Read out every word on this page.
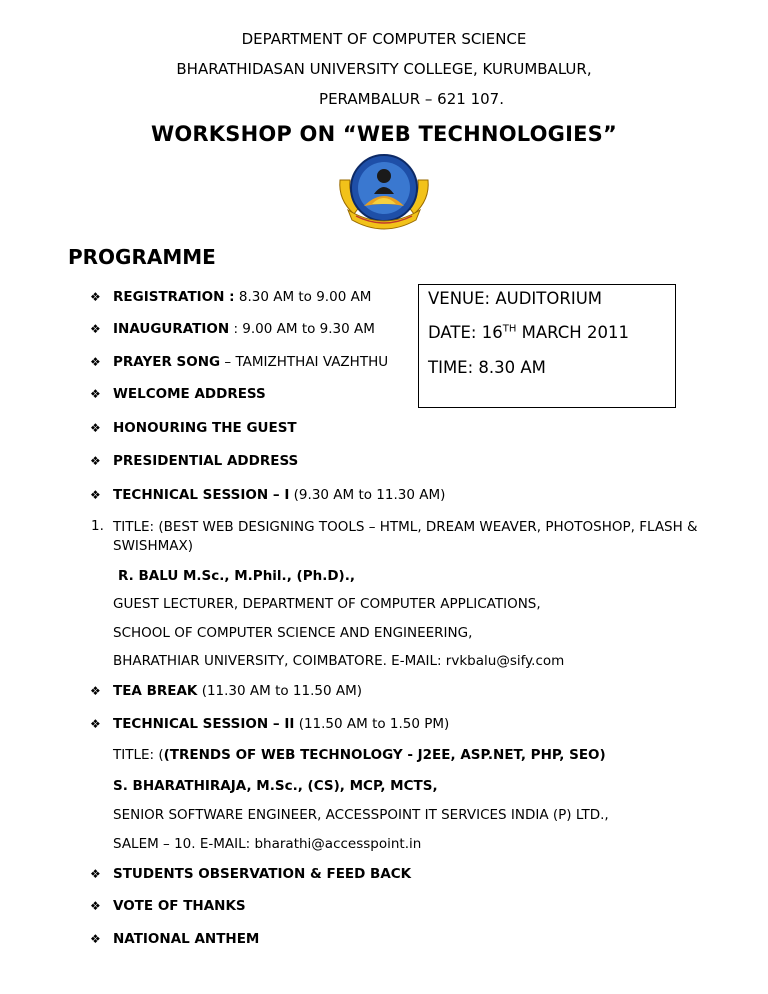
DEPARTMENT OF COMPUTER SCIENCE
BHARATHIDASAN UNIVERSITY COLLEGE, KURUMBALUR,
PERAMBALUR – 621 107.
WORKSHOP ON “WEB TECHNOLOGIES”
PROGRAMME
VENUE: AUDITORIUM
DATE: 16TH MARCH 2011
TIME: 8.30 AM
❖ REGISTRATION : 8.30 AM to 9.00 AM
❖ INAUGURATION : 9.00 AM to 9.30 AM
❖ PRAYER SONG – TAMIZHTHAI VAZHTHU
❖ WELCOME ADDRESS
❖ HONOURING THE GUEST
❖ PRESIDENTIAL ADDRESS
❖ TECHNICAL SESSION – I (9.30 AM to 11.30 AM)
1. TITLE: (BEST WEB DESIGNING TOOLS – HTML, DREAM WEAVER, PHOTOSHOP, FLASH & SWISHMAX)
R. BALU M.Sc., M.Phil., (Ph.D).,
GUEST LECTURER, DEPARTMENT OF COMPUTER APPLICATIONS,
SCHOOL OF COMPUTER SCIENCE AND ENGINEERING,
BHARATHIAR UNIVERSITY, COIMBATORE. E-MAIL: rvkbalu@sify.com
❖ TEA BREAK (11.30 AM to 11.50 AM)
❖ TECHNICAL SESSION – II (11.50 AM to 1.50 PM)
TITLE: ((TRENDS OF WEB TECHNOLOGY - J2EE, ASP.NET, PHP, SEO)
S. BHARATHIRAJA, M.Sc., (CS), MCP, MCTS,
SENIOR SOFTWARE ENGINEER, ACCESSPOINT IT SERVICES INDIA (P) LTD.,
SALEM – 10. E-MAIL: bharathi@accesspoint.in
❖ STUDENTS OBSERVATION & FEED BACK
❖ VOTE OF THANKS
❖ NATIONAL ANTHEM
